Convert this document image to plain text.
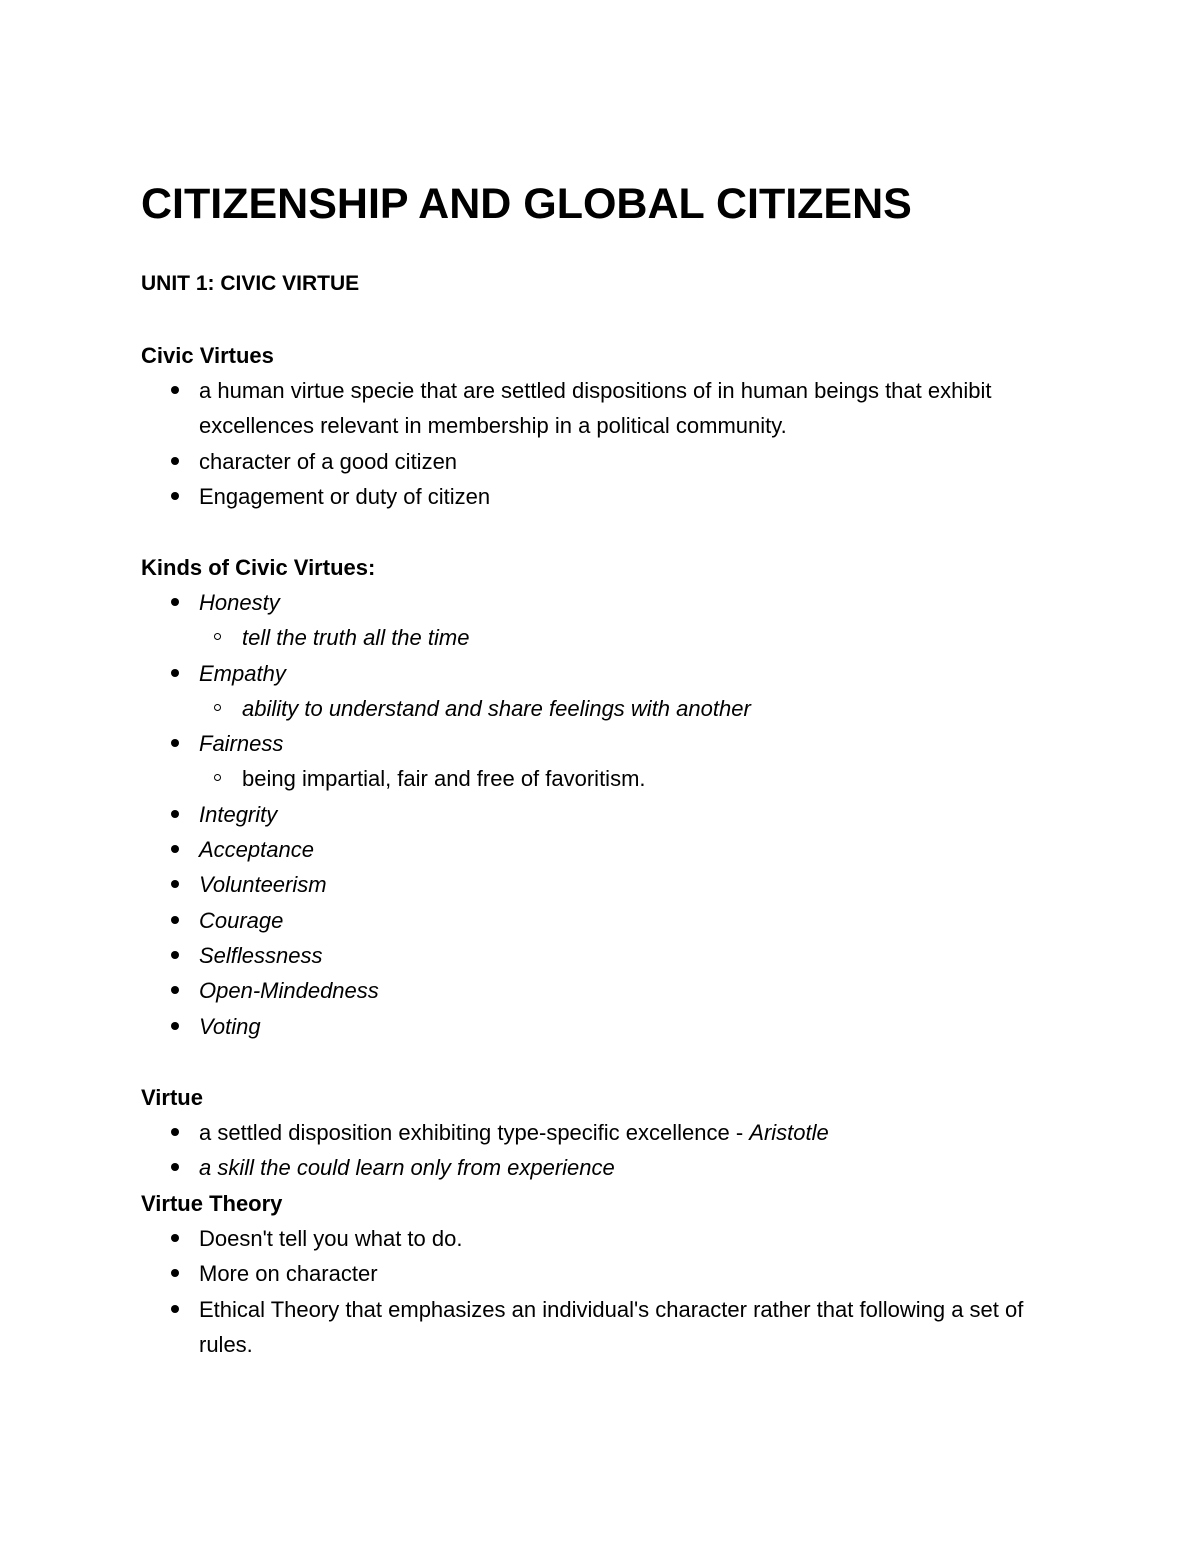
CITIZENSHIP AND GLOBAL CITIZENS
UNIT 1: CIVIC VIRTUE
Civic Virtues
a human virtue specie that are settled dispositions of in human beings that exhibit excellences relevant in membership in a political community.
character of a good citizen
Engagement or duty of citizen
Kinds of Civic Virtues:
Honesty
tell the truth all the time
Empathy
ability to understand and share feelings with another
Fairness
being impartial, fair and free of favoritism.
Integrity
Acceptance
Volunteerism
Courage
Selflessness
Open-Mindedness
Voting
Virtue
a settled disposition exhibiting type-specific excellence - Aristotle
a skill the could learn only from experience
Virtue Theory
Doesn't tell you what to do.
More on character
Ethical Theory that emphasizes an individual's character rather that following a set of rules.
